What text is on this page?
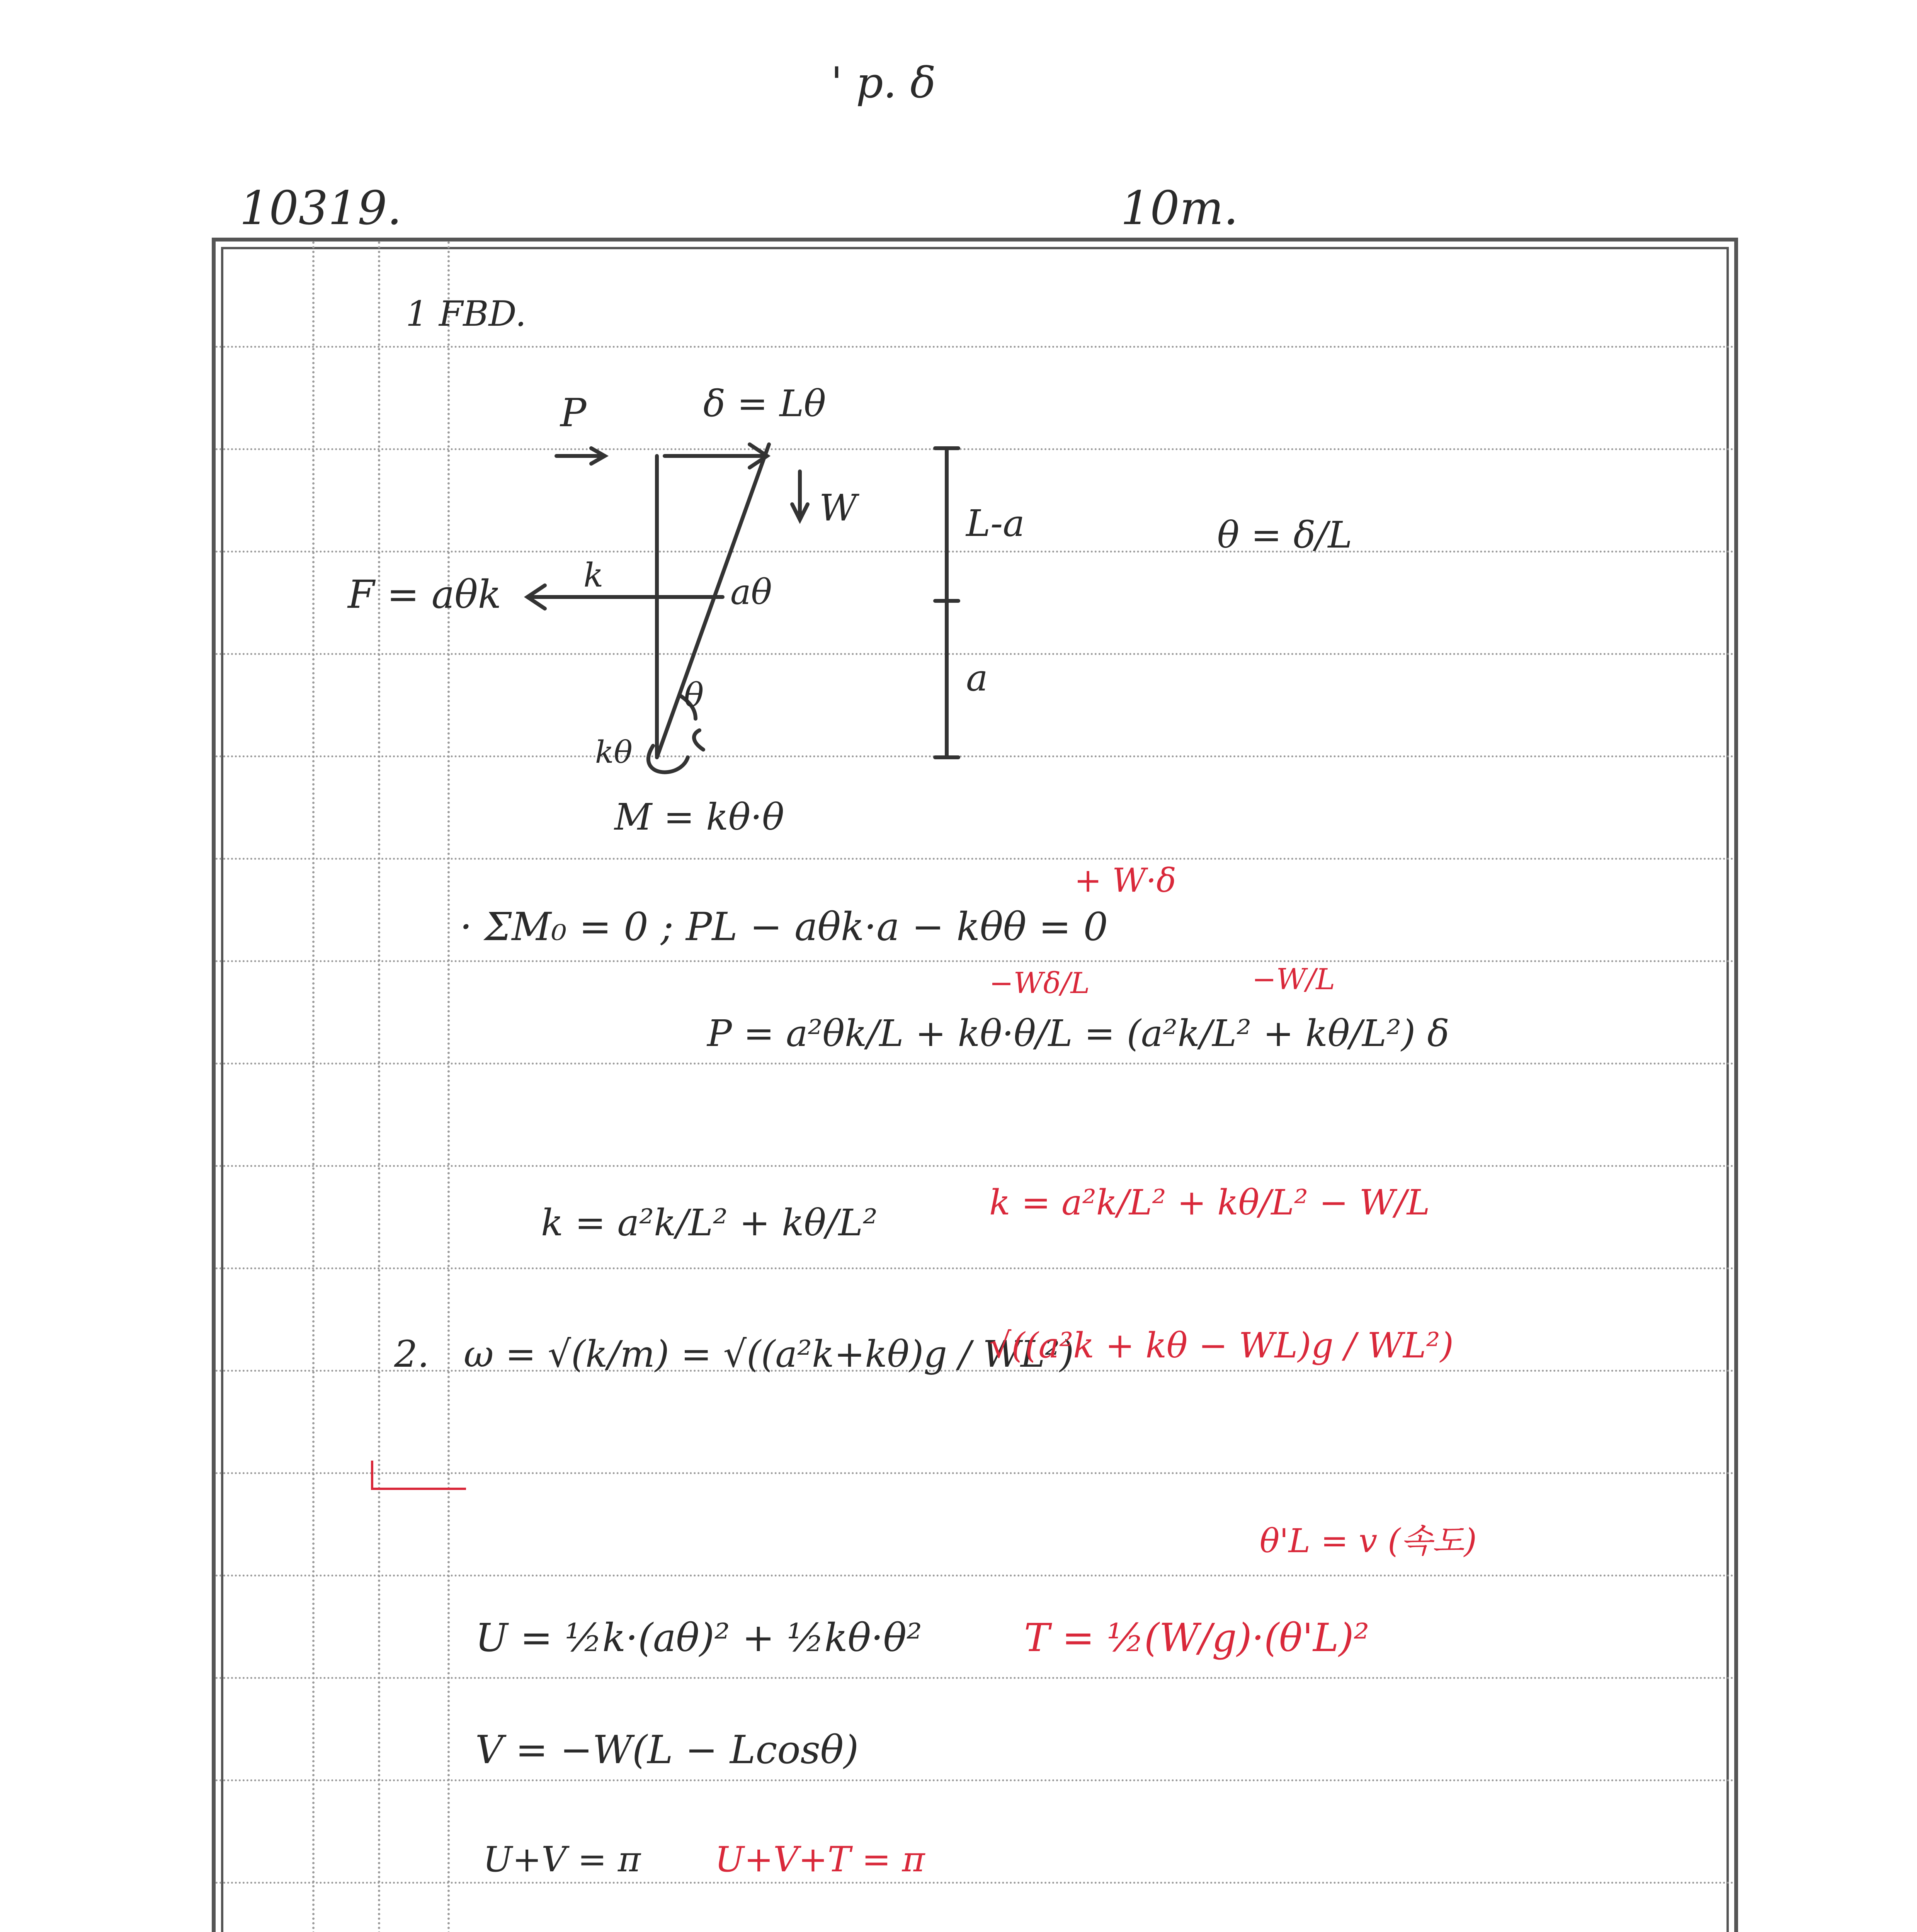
' p. δ
10319.	10m.
1 FBD.
P	δ = Lθ
W	L-a
a
θ = δ/L
F = aθk	k	aθ
θ
kθ
M = kθ·θ
+ W·δ
· ΣM₀ = 0 ; PL − aθk·a − kθθ = 0
−Wδ/L	−W/L
P = a²θk/L + kθ·θ/L = (a²k/L² + kθ/L²) δ
k = a²k/L² + kθ/L²	k = a²k/L² + kθ/L² − W/L
2. ω = √(k/m) = √((a²k+kθ)g / WL²)
√((a²k + kθ − WL)g / WL²)
θ'L = v (속도)
U = ½k·(aθ)² + ½kθ·θ²	T = ½(W/g)·(θ'L)²
V = −W(L − Lcosθ)
U+V = π U+V+T = π
